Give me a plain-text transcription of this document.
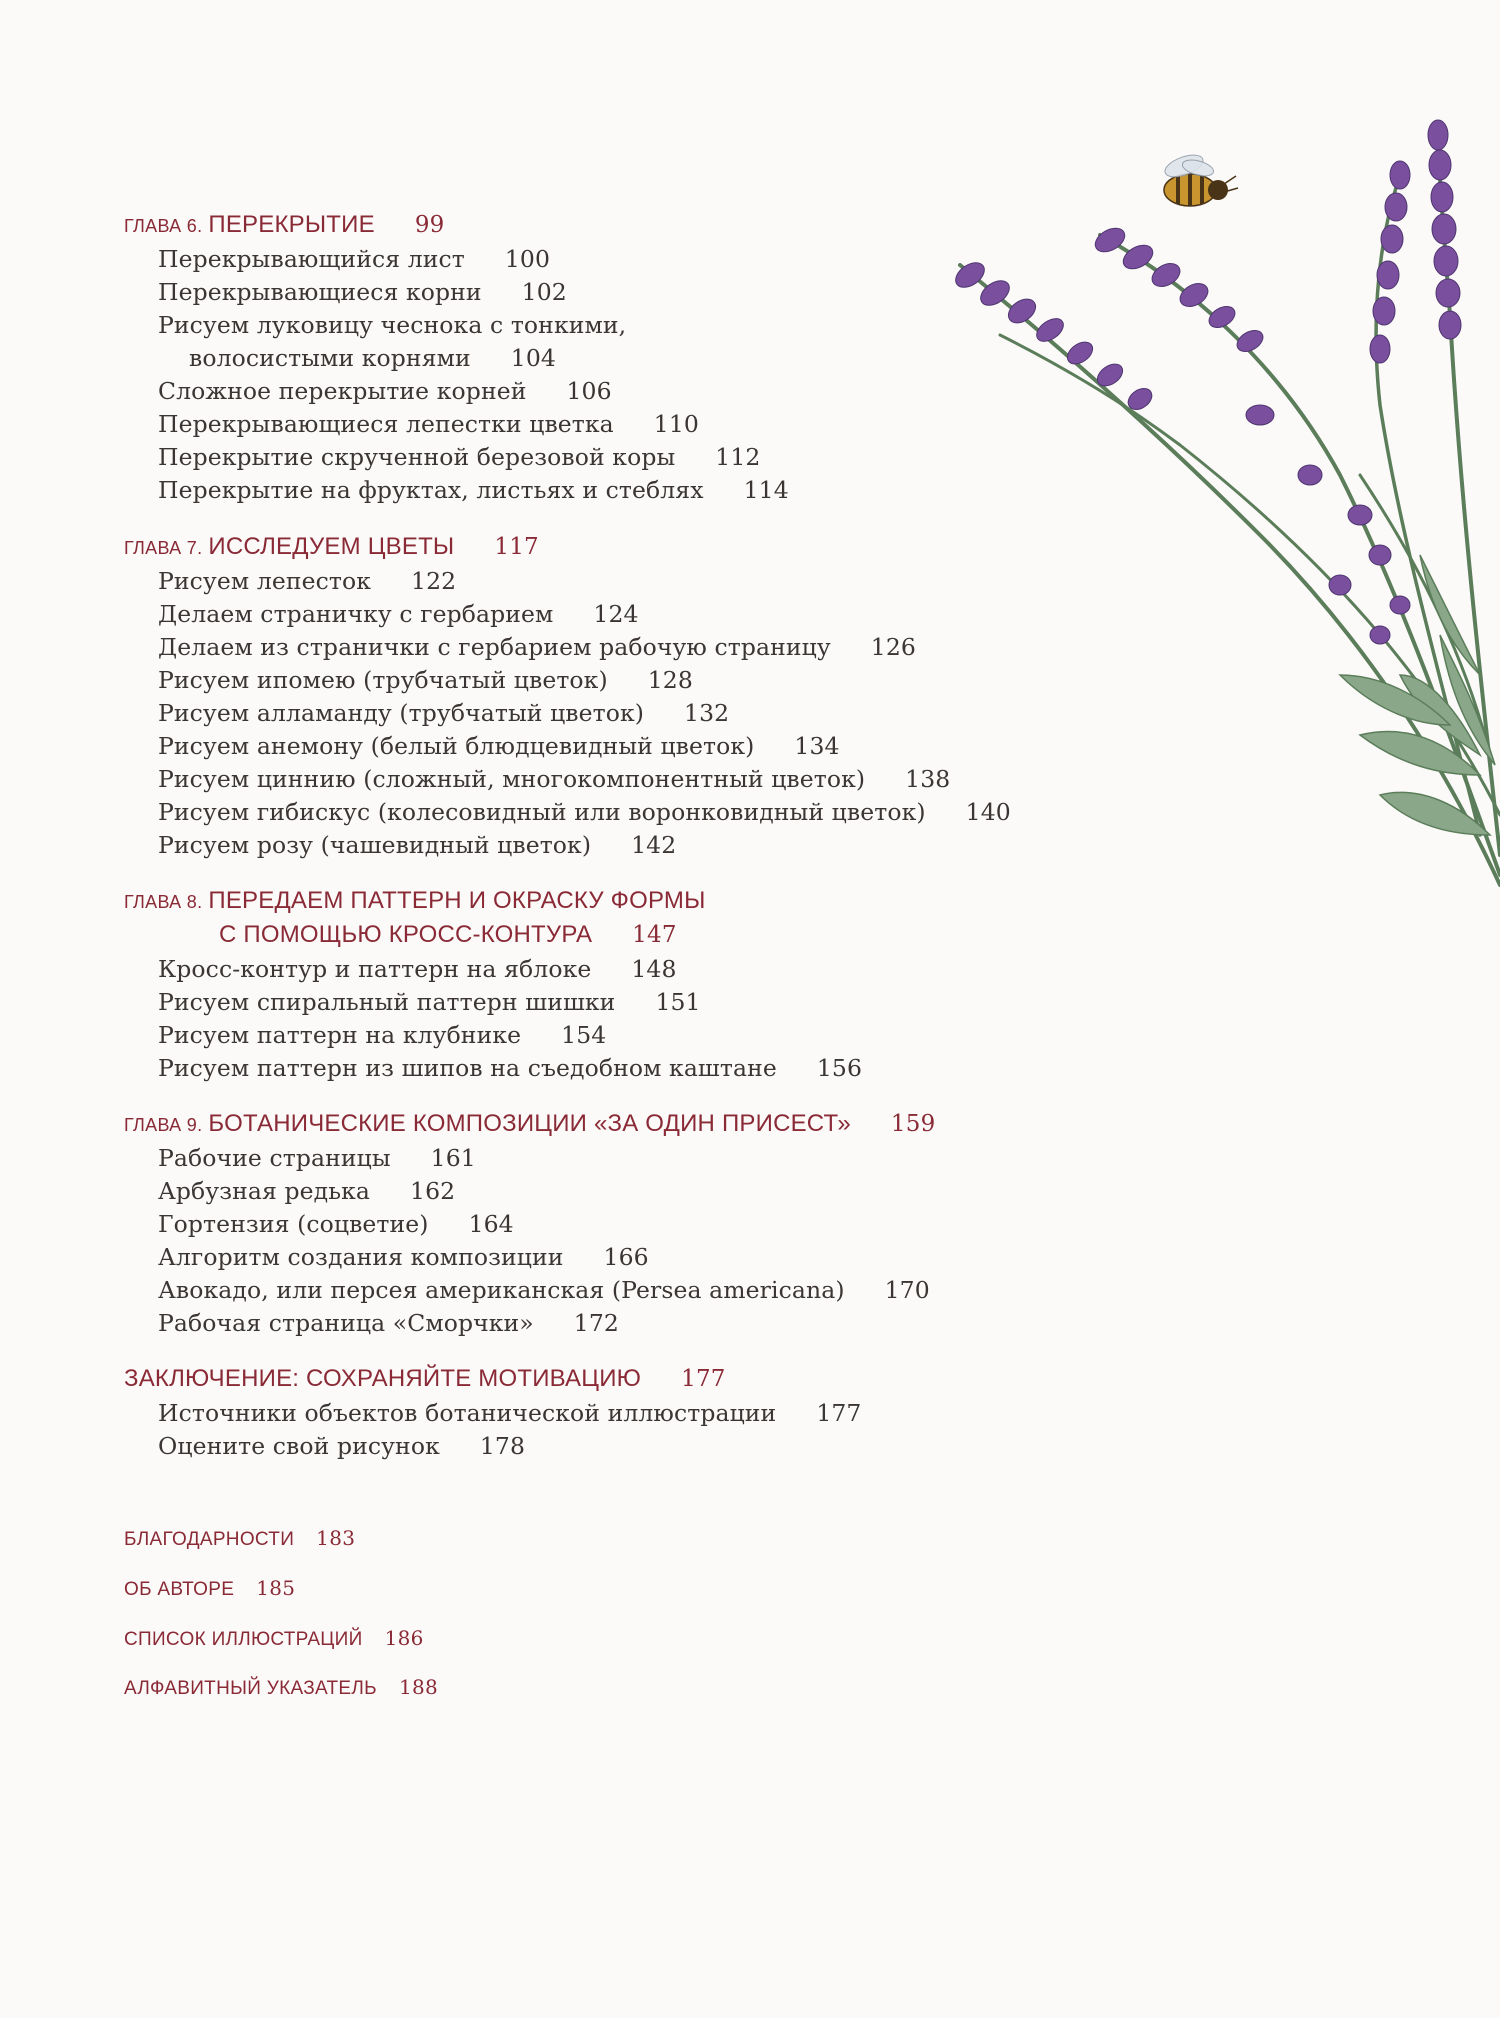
ГЛАВА 6. ПЕРЕКРЫТИЕ 99
Перекрывающийся лист 100
Перекрывающиеся корни 102
Рисуем луковицу чеснока с тонкими,
волосистыми корнями 104
Сложное перекрытие корней 106
Перекрывающиеся лепестки цветка 110
Перекрытие скрученной березовой коры 112
Перекрытие на фруктах, листьях и стеблях 114
ГЛАВА 7. ИССЛЕДУЕМ ЦВЕТЫ 117
Рисуем лепесток 122
Делаем страничку с гербарием 124
Делаем из странички с гербарием рабочую страницу 126
Рисуем ипомею (трубчатый цветок) 128
Рисуем алламанду (трубчатый цветок) 132
Рисуем анемону (белый блюдцевидный цветок) 134
Рисуем циннию (сложный, многокомпонентный цветок) 138
Рисуем гибискус (колесовидный или воронковидный цветок) 140
Рисуем розу (чашевидный цветок) 142
ГЛАВА 8. ПЕРЕДАЕМ ПАТТЕРН И ОКРАСКУ ФОРМЫ
С ПОМОЩЬЮ КРОСС-КОНТУРА 147
Кросс-контур и паттерн на яблоке 148
Рисуем спиральный паттерн шишки 151
Рисуем паттерн на клубнике 154
Рисуем паттерн из шипов на съедобном каштане 156
ГЛАВА 9. БОТАНИЧЕСКИЕ КОМПОЗИЦИИ «ЗА ОДИН ПРИСЕСТ» 159
Рабочие страницы 161
Арбузная редька 162
Гортензия (соцветие) 164
Алгоритм создания композиции 166
Авокадо, или персея американская (Persea americana) 170
Рабочая страница «Сморчки» 172
ЗАКЛЮЧЕНИЕ: СОХРАНЯЙТЕ МОТИВАЦИЮ 177
Источники объектов ботанической иллюстрации 177
Оцените свой рисунок 178
БЛАГОДАРНОСТИ 183
ОБ АВТОРЕ 185
СПИСОК ИЛЛЮСТРАЦИЙ 186
АЛФАВИТНЫЙ УКАЗАТЕЛЬ 188
